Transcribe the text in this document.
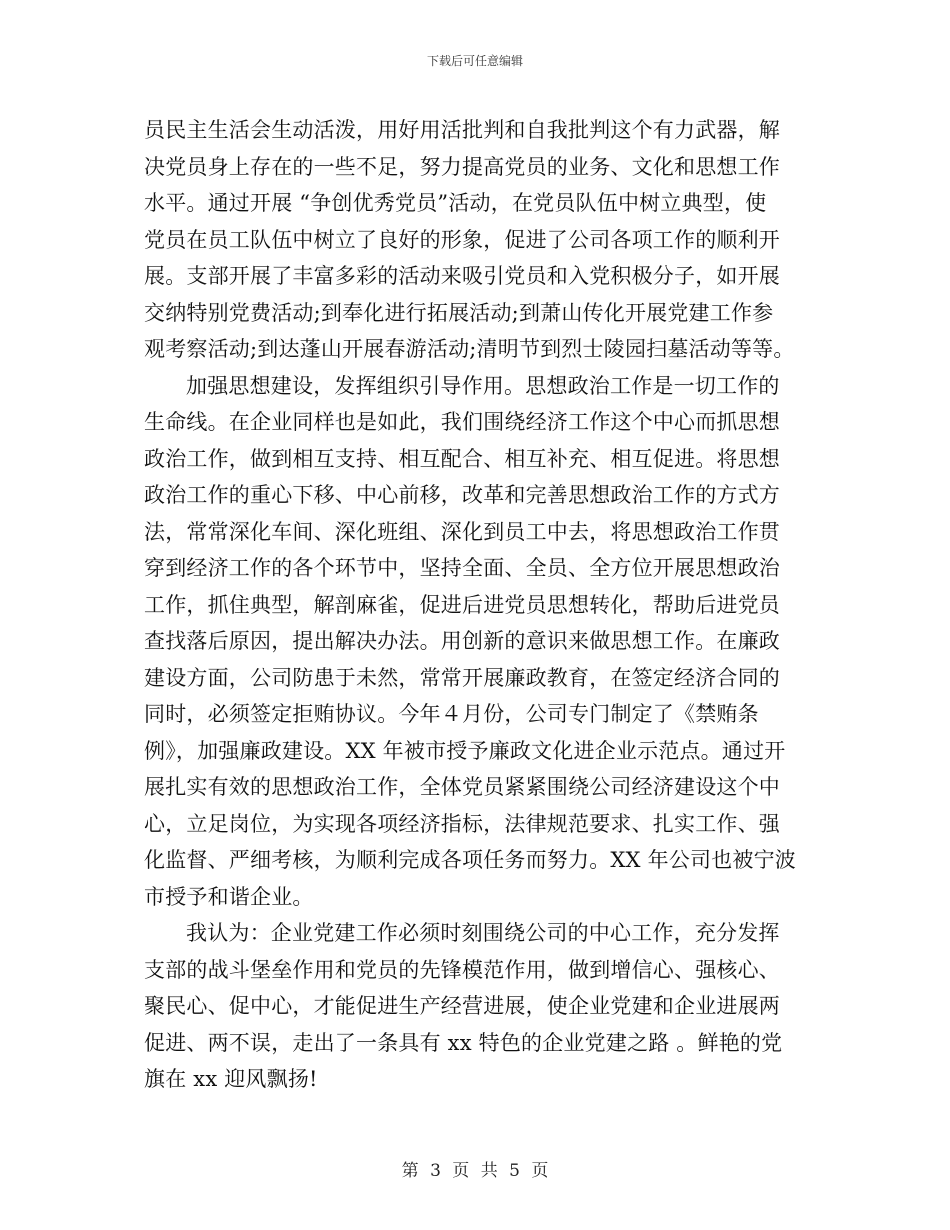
下载后可任意编辑
员民主生活会生动活泼，用好用活批判和自我批判这个有力武器，解
决党员身上存在的一些不足，努力提高党员的业务、文化和思想工作
水平。通过开展 “争创优秀党员”活动，在党员队伍中树立典型，使
党员在员工队伍中树立了良好的形象，促进了公司各项工作的顺利开
展。支部开展了丰富多彩的活动来吸引党员和入党积极分子，如开展
交纳特别党费活动;到奉化进行拓展活动;到萧山传化开展党建工作参
观考察活动;到达蓬山开展春游活动;清明节到烈士陵园扫墓活动等等。
加强思想建设，发挥组织引导作用。思想政治工作是一切工作的
生命线。在企业同样也是如此，我们围绕经济工作这个中心而抓思想
政治工作，做到相互支持、相互配合、相互补充、相互促进。将思想
政治工作的重心下移、中心前移，改革和完善思想政治工作的方式方
法，常常深化车间、深化班组、深化到员工中去，将思想政治工作贯
穿到经济工作的各个环节中，坚持全面、全员、全方位开展思想政治
工作，抓住典型，解剖麻雀，促进后进党员思想转化，帮助后进党员
查找落后原因，提出解决办法。用创新的意识来做思想工作。在廉政
建设方面，公司防患于未然，常常开展廉政教育，在签定经济合同的
同时，必须签定拒贿协议。今年４月份，公司专门制定了《禁贿条
例》，加强廉政建设。XX 年被市授予廉政文化进企业示范点。通过开
展扎实有效的思想政治工作，全体党员紧紧围绕公司经济建设这个中
心，立足岗位，为实现各项经济指标，法律规范要求、扎实工作、强
化监督、严细考核，为顺利完成各项任务而努力。XX 年公司也被宁波
市授予和谐企业。
我认为：企业党建工作必须时刻围绕公司的中心工作，充分发挥
支部的战斗堡垒作用和党员的先锋模范作用，做到增信心、强核心、
聚民心、促中心，才能促进生产经营进展，使企业党建和企业进展两
促进、两不误，走出了一条具有 xx 特色的企业党建之路 。鲜艳的党
旗在 xx 迎风飘扬!
第 3 页 共 5 页
